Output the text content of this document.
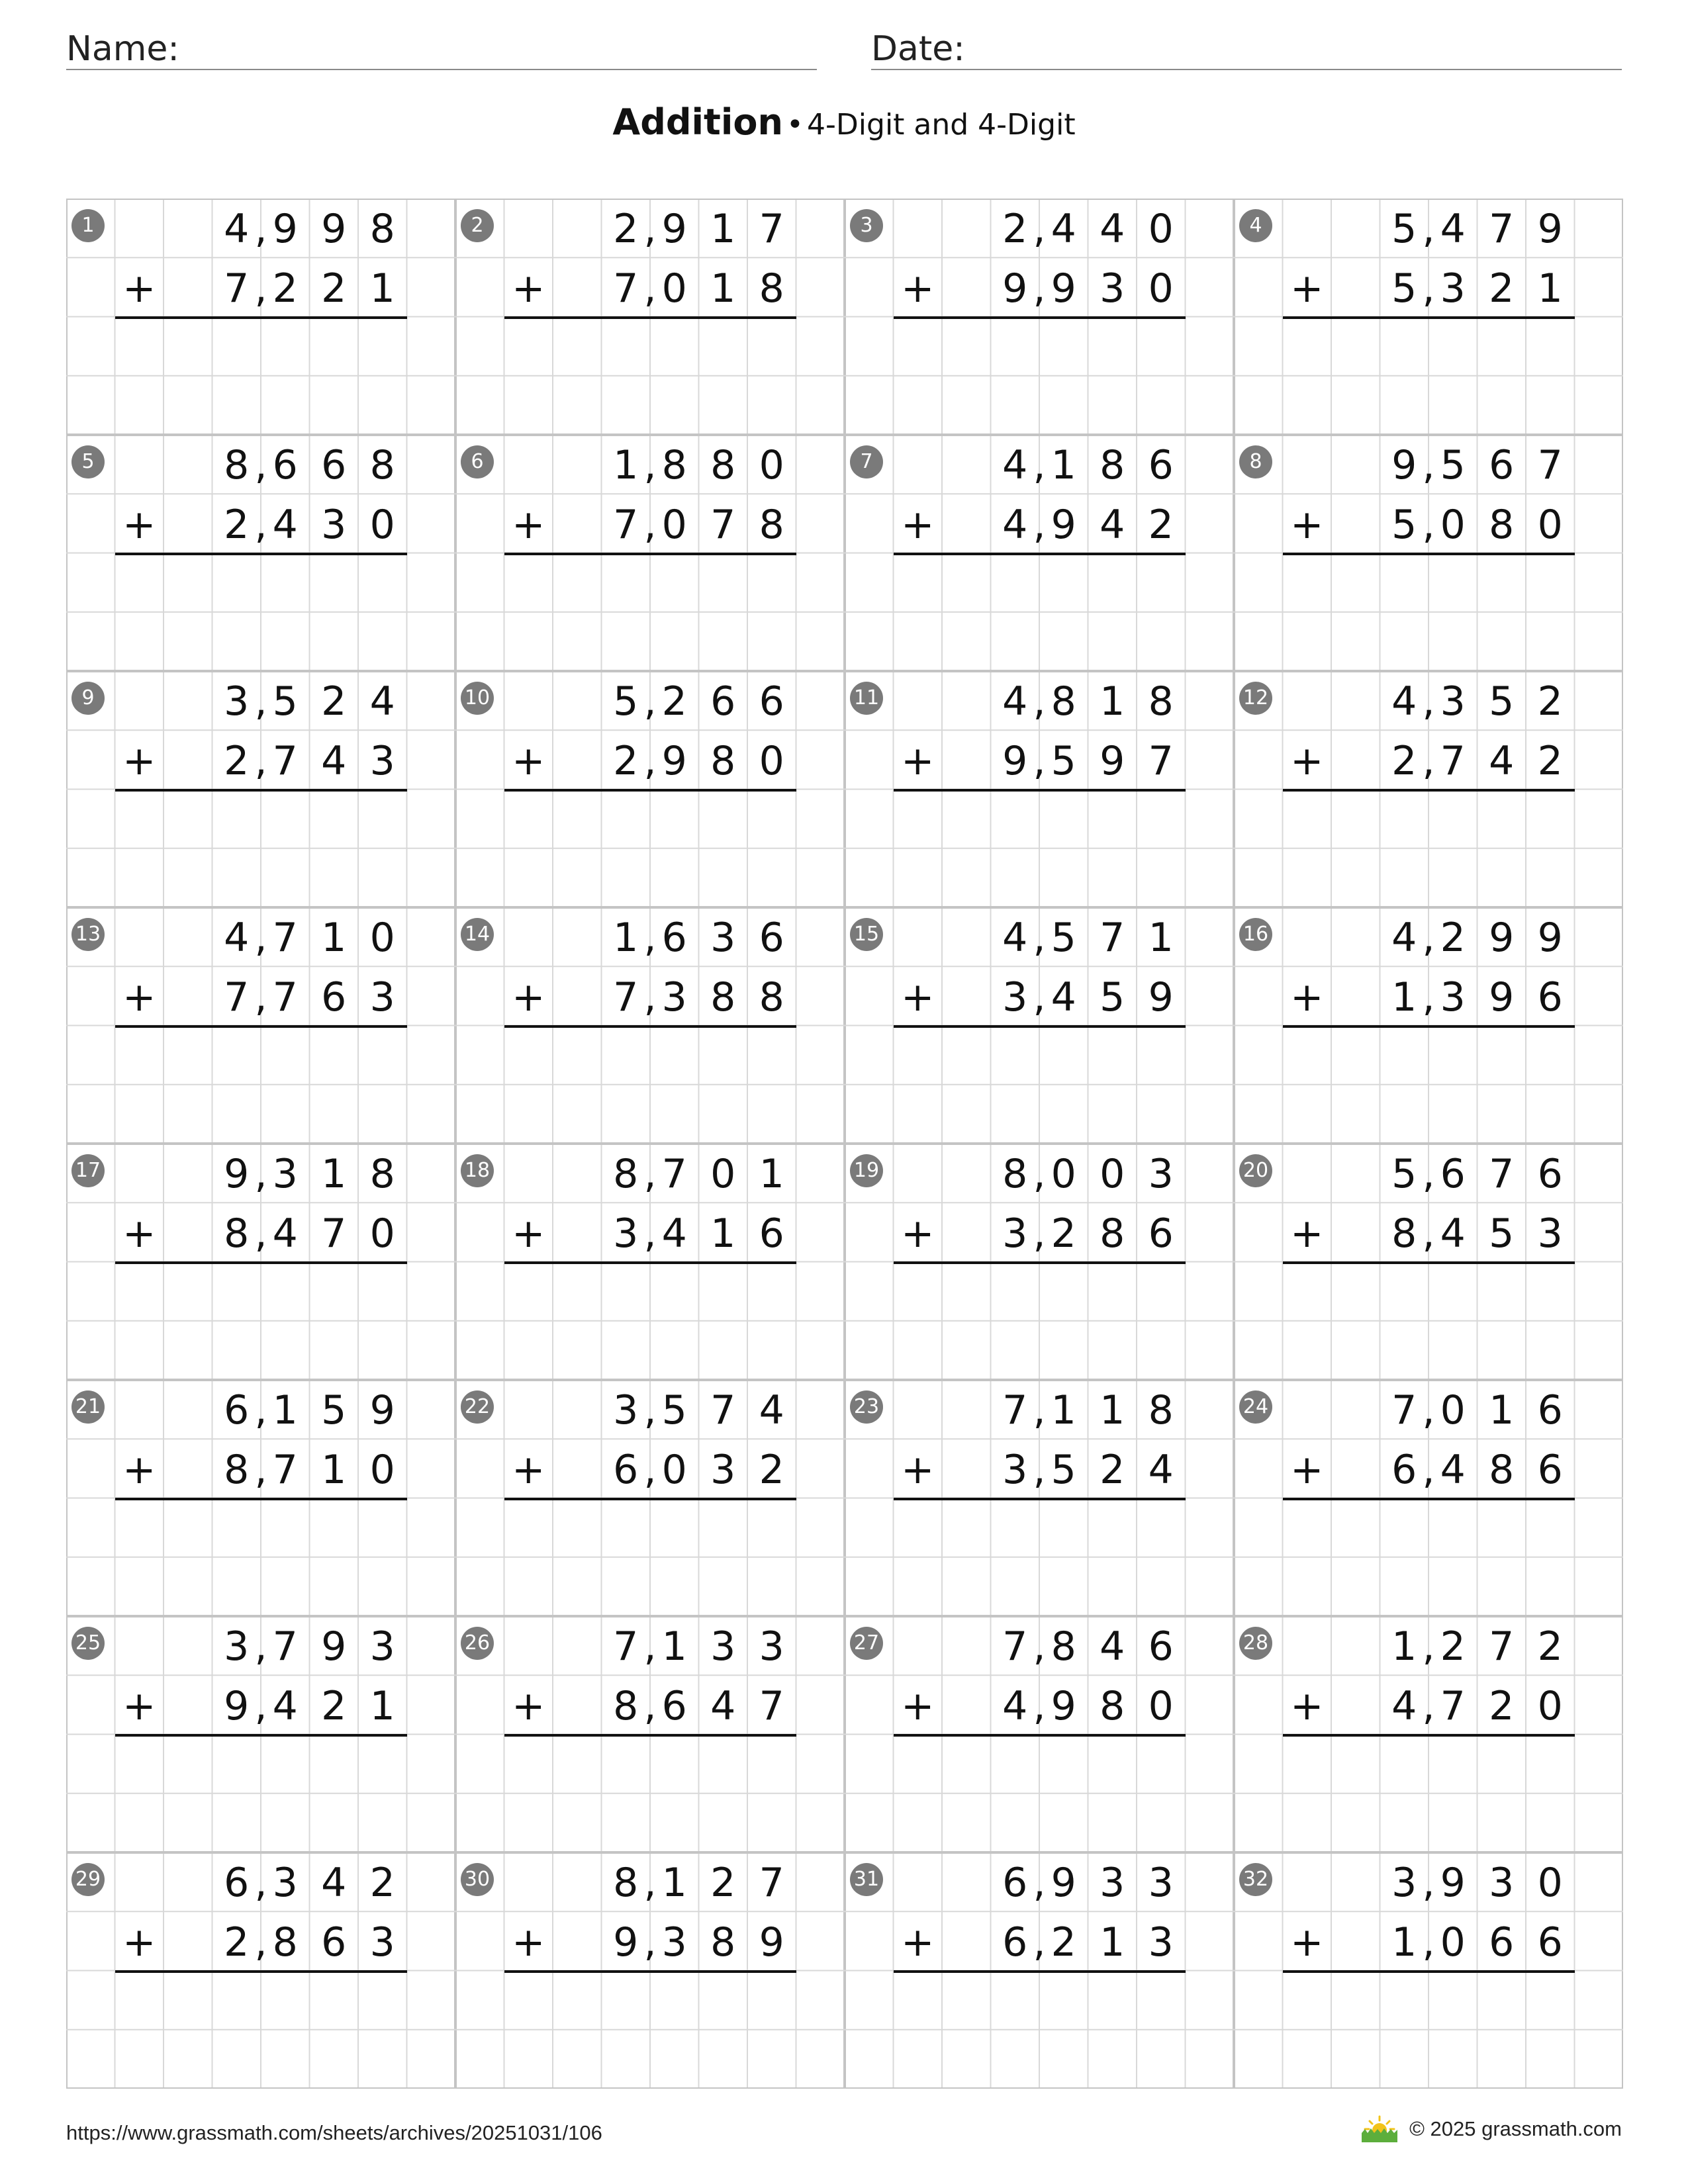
Name:	Date:
Addition • 4-Digit and 4-Digit
1	4 9 9 8
,
7 2 2 1
,
+
2	2 9 1 7
,
7 0 1 8
,
+
3	2 4 4 0
,
9 9 3 0
,
+
4	5 4 7 9
,
5 3 2 1
,
+
5	8 6 6 8
,
2 4 3 0
,
+
6	1 8 8 0
,
7 0 7 8
,
+
7	4 1 8 6
,
4 9 4 2
,
+
8	9 5 6 7
,
5 0 8 0
,
+
9	3 5 2 4
,
2 7 4 3
,
+
10	5 2 6 6
,
2 9 8 0
,
+
11	4 8 1 8
,
9 5 9 7
,
+
12	4 3 5 2
,
2 7 4 2
,
+
13	4 7 1 0
,
7 7 6 3
,
+
14	1 6 3 6
,
7 3 8 8
,
+
15	4 5 7 1
,
3 4 5 9
,
+
16	4 2 9 9
,
1 3 9 6
,
+
17	9 3 1 8
,
8 4 7 0
,
+
18	8 7 0 1
,
3 4 1 6
,
+
19	8 0 0 3
,
3 2 8 6
,
+
20	5 6 7 6
,
8 4 5 3
,
+
21	6 1 5 9
,
8 7 1 0
,
+
22	3 5 7 4
,
6 0 3 2
,
+
23	7 1 1 8
,
3 5 2 4
,
+
24	7 0 1 6
,
6 4 8 6
,
+
25	3 7 9 3
,
9 4 2 1
,
+
26	7 1 3 3
,
8 6 4 7
,
+
27	7 8 4 6
,
4 9 8 0
,
+
28	1 2 7 2
,
4 7 2 0
,
+
29	6 3 4 2
,
2 8 6 3
,
+
30	8 1 2 7
,
9 3 8 9
,
+
31	6 9 3 3
,
6 2 1 3
,
+
32	3 9 3 0
,
1 0 6 6
,
+
https://www.grassmath.com/sheets/archives/20251031/106	© 2025 grassmath.com
